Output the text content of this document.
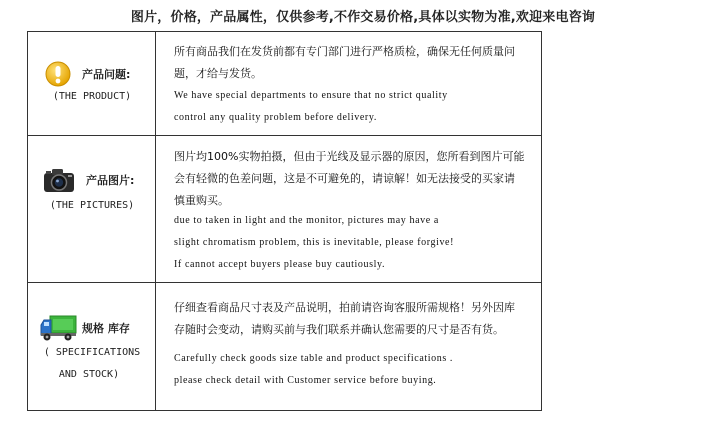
图片，价格，产品属性，仅供参考,不作交易价格,具体以实物为准,欢迎来电咨询
产品问题:
(THE PRODUCT)
所有商品我们在发货前都有专门部门进行严格质检，确保无任何质量问
题，才给与发货。
We have special departments to ensure that no strict quality
control any quality problem before delivery.
产品图片:
(THE PICTURES)
图片均100%实物拍摄，但由于光线及显示器的原因，您所看到图片可能
会有轻微的色差问题，这是不可避免的，请谅解！如无法接受的买家请
慎重购买。
due to taken in light and the monitor, pictures may have a
slight chromatism problem, this is inevitable, please forgive!
If cannot accept buyers please buy cautiously.
规格 库存
( SPECIFICATIONS
AND STOCK)
仔细查看商品尺寸表及产品说明，拍前请咨询客服所需规格！另外因库
存随时会变动，请购买前与我们联系并确认您需要的尺寸是否有货。
Carefully check goods size table and product specifications .
please check detail with Customer service before buying.
